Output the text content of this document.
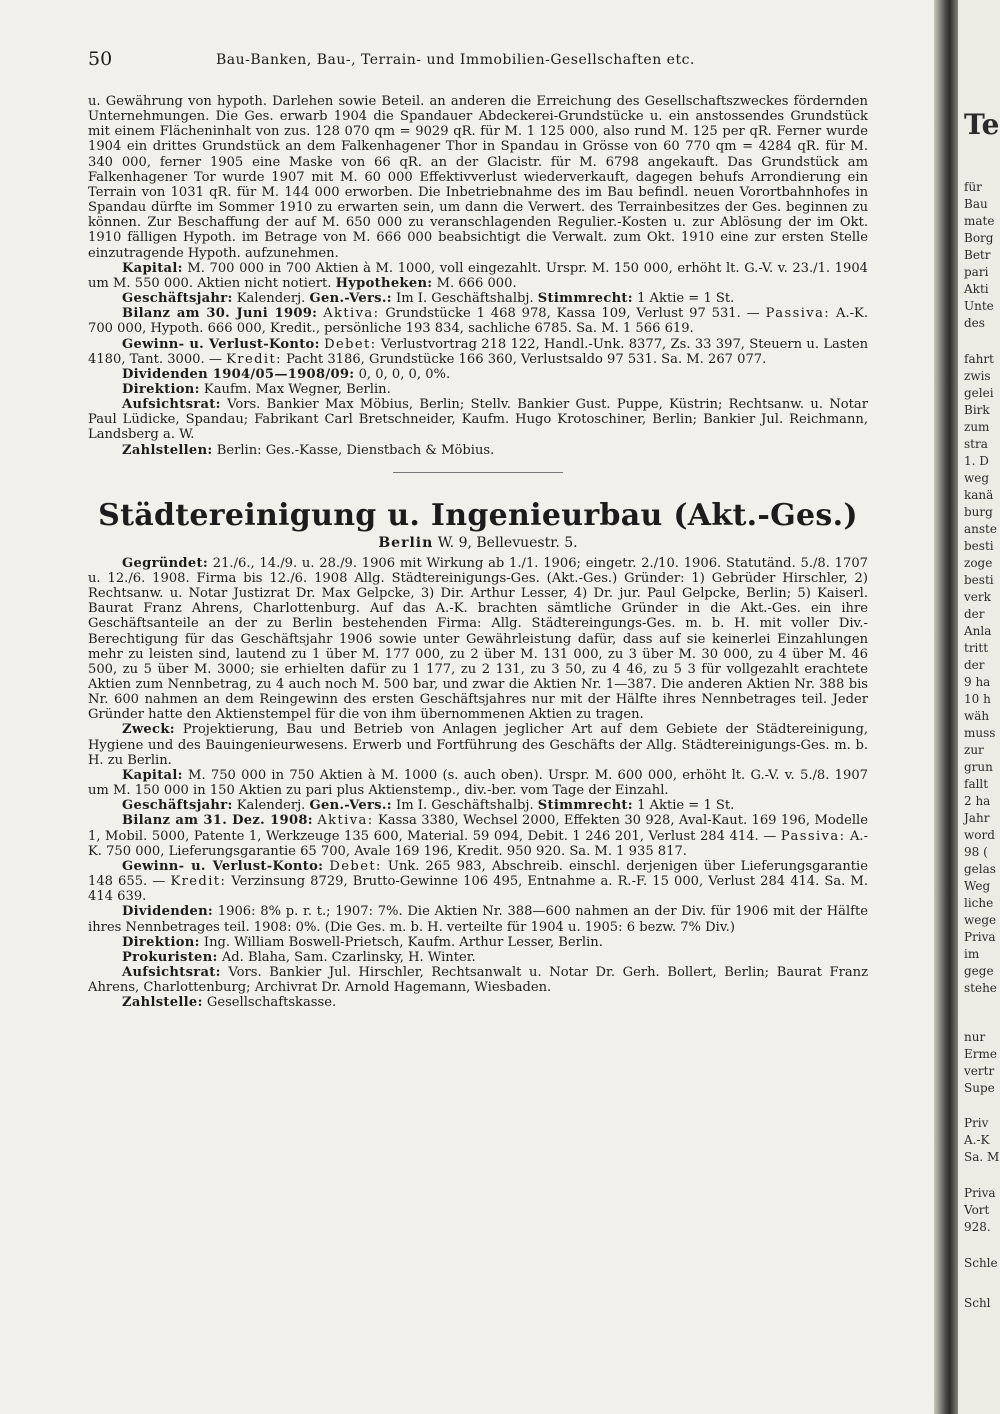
50	Bau-Banken, Bau-, Terrain- und Immobilien-Gesellschaften etc.

u. Gewährung von hypoth. Darlehen sowie Beteil. an anderen die Erreichung des Gesellschaftszweckes fördernden Unternehmungen. Die Ges. erwarb 1904 die Spandauer Abdeckerei-Grundstücke u. ein anstossendes Grundstück mit einem Flächeninhalt von zus. 128 070 qm = 9029 qR. für M. 1 125 000, also rund M. 125 per qR. Ferner wurde 1904 ein drittes Grundstück an dem Falkenhagener Thor in Spandau in Grösse von 60 770 qm = 4284 qR. für M. 340 000, ferner 1905 eine Maske von 66 qR. an der Glacistr. für M. 6798 angekauft. Das Grundstück am Falkenhagener Tor wurde 1907 mit M. 60 000 Effektivverlust wiederverkauft, dagegen behufs Arrondierung ein Terrain von 1031 qR. für M. 144 000 erworben. Die Inbetriebnahme des im Bau befindl. neuen Vorortbahnhofes in Spandau dürfte im Sommer 1910 zu erwarten sein, um dann die Verwert. des Terrainbesitzes der Ges. beginnen zu können. Zur Beschaffung der auf M. 650 000 zu veranschlagenden Regulier.-Kosten u. zur Ablösung der im Okt. 1910 fälligen Hypoth. im Betrage von M. 666 000 beabsichtigt die Verwalt. zum Okt. 1910 eine zur ersten Stelle einzutragende Hypoth. aufzunehmen.

Kapital: M. 700 000 in 700 Aktien à M. 1000, voll eingezahlt. Urspr. M. 150 000, erhöht lt. G.-V. v. 23./1. 1904 um M. 550 000. Aktien nicht notiert. Hypotheken: M. 666 000.

Geschäftsjahr: Kalenderj. Gen.-Vers.: Im I. Geschäftshalbj. Stimmrecht: 1 Aktie = 1 St.

Bilanz am 30. Juni 1909: Aktiva: Grundstücke 1 468 978, Kassa 109, Verlust 97 531. — Passiva: A.-K. 700 000, Hypoth. 666 000, Kredit., persönliche 193 834, sachliche 6785. Sa. M. 1 566 619.

Gewinn- u. Verlust-Konto: Debet: Verlustvortrag 218 122, Handl.-Unk. 8377, Zs. 33 397, Steuern u. Lasten 4180, Tant. 3000. — Kredit: Pacht 3186, Grundstücke 166 360, Verlustsaldo 97 531. Sa. M. 267 077.

Dividenden 1904/05—1908/09: 0, 0, 0, 0, 0%.

Direktion: Kaufm. Max Wegner, Berlin.

Aufsichtsrat: Vors. Bankier Max Möbius, Berlin; Stellv. Bankier Gust. Puppe, Küstrin; Rechtsanw. u. Notar Paul Lüdicke, Spandau; Fabrikant Carl Bretschneider, Kaufm. Hugo Krotoschiner, Berlin; Bankier Jul. Reichmann, Landsberg a. W.

Zahlstellen: Berlin: Ges.-Kasse, Dienstbach & Möbius.

Städtereinigung u. Ingenieurbau (Akt.-Ges.)
Berlin W. 9, Bellevuestr. 5.

Gegründet: 21./6., 14./9. u. 28./9. 1906 mit Wirkung ab 1./1. 1906; eingetr. 2./10. 1906. Statutänd. 5./8. 1707 u. 12./6. 1908. Firma bis 12./6. 1908 Allg. Städtereinigungs-Ges. (Akt.-Ges.) Gründer: 1) Gebrüder Hirschler, 2) Rechtsanw. u. Notar Justizrat Dr. Max Gelpcke, 3) Dir. Arthur Lesser, 4) Dr. jur. Paul Gelpcke, Berlin; 5) Kaiserl. Baurat Franz Ahrens, Charlottenburg. Auf das A.-K. brachten sämtliche Gründer in die Akt.-Ges. ein ihre Geschäftsanteile an der zu Berlin bestehenden Firma: Allg. Städtereingungs-Ges. m. b. H. mit voller Div.-Berechtigung für das Geschäftsjahr 1906 sowie unter Gewährleistung dafür, dass auf sie keinerlei Einzahlungen mehr zu leisten sind, lautend zu 1 über M. 177 000, zu 2 über M. 131 000, zu 3 über M. 30 000, zu 4 über M. 46 500, zu 5 über M. 3000; sie erhielten dafür zu 1 177, zu 2 131, zu 3 50, zu 4 46, zu 5 3 für vollgezahlt erachtete Aktien zum Nennbetrag, zu 4 auch noch M. 500 bar, und zwar die Aktien Nr. 1—387. Die anderen Aktien Nr. 388 bis Nr. 600 nahmen an dem Reingewinn des ersten Geschäftsjahres nur mit der Hälfte ihres Nennbetrages teil. Jeder Gründer hatte den Aktienstempel für die von ihm übernommenen Aktien zu tragen.

Zweck: Projektierung, Bau und Betrieb von Anlagen jeglicher Art auf dem Gebiete der Städtereinigung, Hygiene und des Bauingenieurwesens. Erwerb und Fortführung des Geschäfts der Allg. Städtereinigungs-Ges. m. b. H. zu Berlin.

Kapital: M. 750 000 in 750 Aktien à M. 1000 (s. auch oben). Urspr. M. 600 000, erhöht lt. G.-V. v. 5./8. 1907 um M. 150 000 in 150 Aktien zu pari plus Aktienstemp., div.-ber. vom Tage der Einzahl.

Geschäftsjahr: Kalenderj. Gen.-Vers.: Im I. Geschäftshalbj. Stimmrecht: 1 Aktie = 1 St.

Bilanz am 31. Dez. 1908: Aktiva: Kassa 3380, Wechsel 2000, Effekten 30 928, Aval-Kaut. 169 196, Modelle 1, Mobil. 5000, Patente 1, Werkzeuge 135 600, Material. 59 094, Debit. 1 246 201, Verlust 284 414. — Passiva: A.-K. 750 000, Lieferungsgarantie 65 700, Avale 169 196, Kredit. 950 920. Sa. M. 1 935 817.

Gewinn- u. Verlust-Konto: Debet: Unk. 265 983, Abschreib. einschl. derjenigen über Lieferungsgarantie 148 655. — Kredit: Verzinsung 8729, Brutto-Gewinne 106 495, Entnahme a. R.-F. 15 000, Verlust 284 414. Sa. M. 414 639.

Dividenden: 1906: 8% p. r. t.; 1907: 7%. Die Aktien Nr. 388—600 nahmen an der Div. für 1906 mit der Hälfte ihres Nennbetrages teil. 1908: 0%. (Die Ges. m. b. H. verteilte für 1904 u. 1905: 6 bezw. 7% Div.)

Direktion: Ing. William Boswell-Prietsch, Kaufm. Arthur Lesser, Berlin.

Prokuristen: Ad. Blaha, Sam. Czarlinsky, H. Winter.

Aufsichtsrat: Vors. Bankier Jul. Hirschler, Rechtsanwalt u. Notar Dr. Gerh. Bollert, Berlin; Baurat Franz Ahrens, Charlottenburg; Archivrat Dr. Arnold Hagemann, Wiesbaden.

Zahlstelle: Gesellschaftskasse.

Te
für
Bau
mate
Borg
Betr
pari
Akti
Unte
des
fahrt
zwis
gelei
Birk
zum
stra
1. D
weg
kanä
burg
anste
besti
zoge
besti
verk
der
Anla
tritt
der
9 ha
10 h
wäh
muss
zur
grun
fallt
2 ha
Jahr
word
98 (
gelas
Weg
liche
wege
Priva
im
gege
stehe
nur
Erme
vertr
Supe
Priv
A.-K
Sa. M
Priva
Vort
928.
Schle
Schl
